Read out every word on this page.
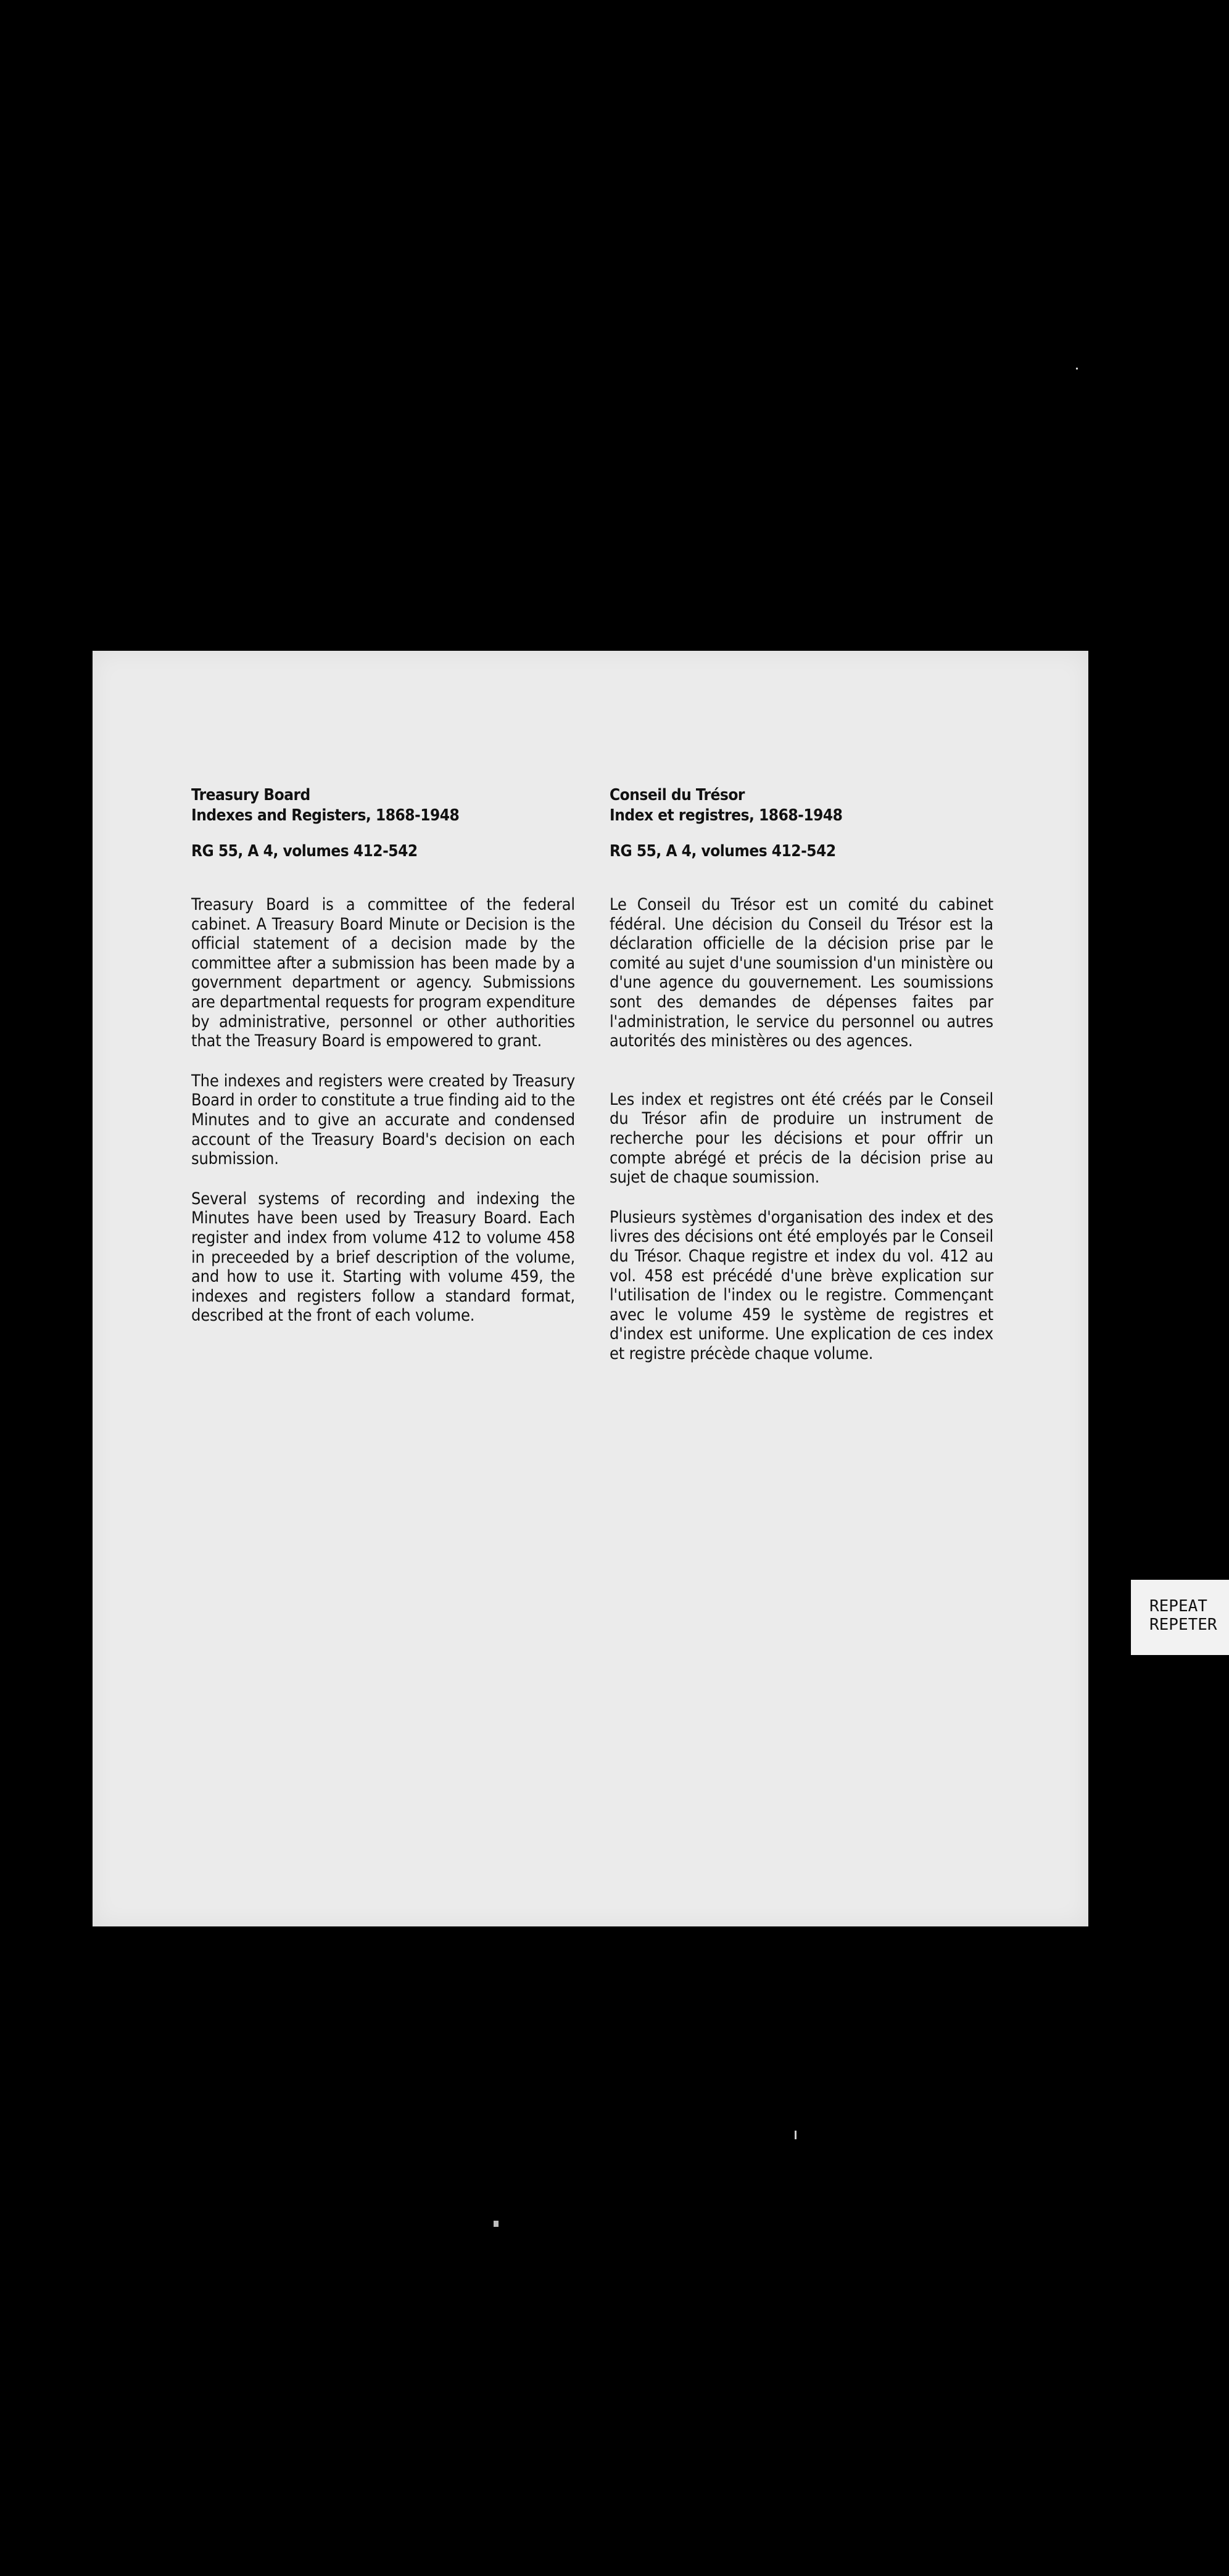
Treasury Board
Indexes and Registers, 1868-1948
RG 55, A 4, volumes 412-542

Treasury Board is a committee of the federal cabinet. A Treasury Board Minute or Decision is the official statement of a decision made by the committee after a submission has been made by a government department or agency. Submissions are departmental requests for program expenditure by administrative, personnel or other authorities that the Treasury Board is empowered to grant.

The indexes and registers were created by Treasury Board in order to constitute a true finding aid to the Minutes and to give an accurate and condensed account of the Treasury Board's decision on each submission.

Several systems of recording and indexing the Minutes have been used by Treasury Board. Each register and index from volume 412 to volume 458 in preceeded by a brief description of the volume, and how to use it. Starting with volume 459, the indexes and registers follow a standard format, described at the front of each volume.

Conseil du Trésor
Index et registres, 1868-1948
RG 55, A 4, volumes 412-542

Le Conseil du Trésor est un comité du cabinet fédéral. Une décision du Conseil du Trésor est la déclaration officielle de la décision prise par le comité au sujet d'une soumission d'un ministère ou d'une agence du gouvernement. Les soumissions sont des demandes de dépenses faites par l'administration, le service du personnel ou autres autorités des ministères ou des agences.

Les index et registres ont été créés par le Conseil du Trésor afin de produire un instrument de recherche pour les décisions et pour offrir un compte abrégé et précis de la décision prise au sujet de chaque soumission.

Plusieurs systèmes d'organisation des index et des livres des décisions ont été employés par le Conseil du Trésor. Chaque registre et index du vol. 412 au vol. 458 est précédé d'une brève explication sur l'utilisation de l'index ou le registre. Commençant avec le volume 459 le système de registres et d'index est uniforme. Une explication de ces index et registre précède chaque volume.

REPEAT
REPETER
